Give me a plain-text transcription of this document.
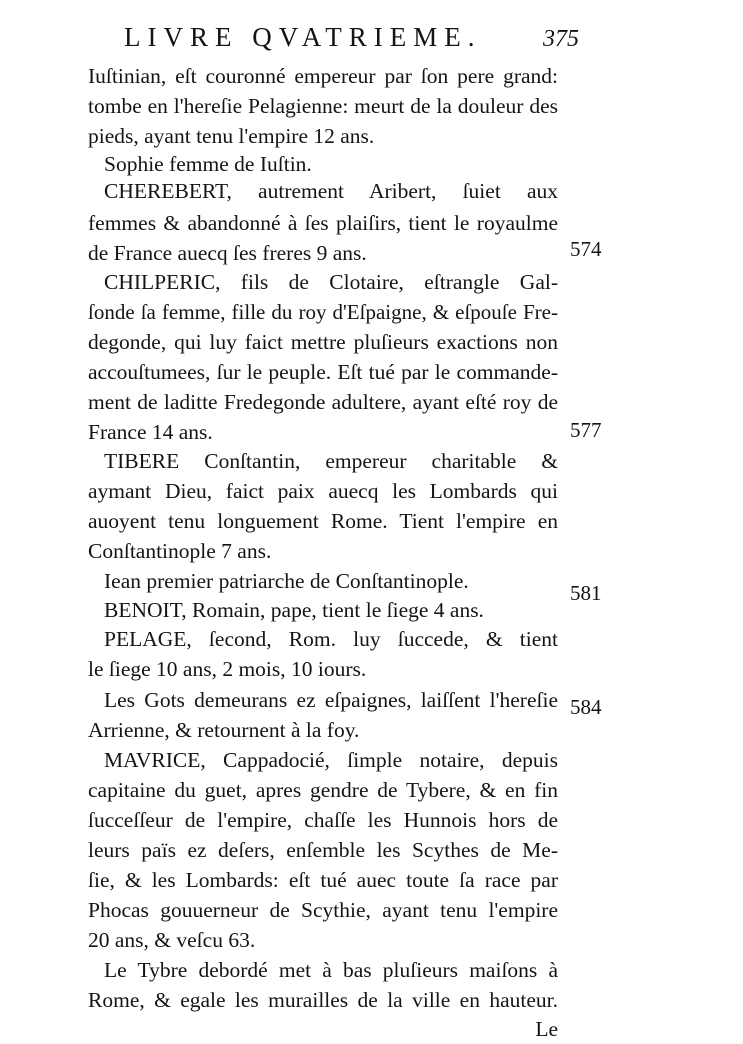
LIVRE QVATRIEME.	375
Iuſtinian, eſt couronné empereur par ſon pere grand:
tombe en l'hereſie Pelagienne: meurt de la douleur des
pieds, ayant tenu l'empire 12 ans.
Sophie femme de Iuſtin.
CHEREBERT, autrement Aribert, ſuiet aux
femmes & abandonné à ſes plaiſirs, tient le royaulme
de France auecq ſes freres 9 ans.
CHILPERIC, fils de Clotaire, eſtrangle Gal-
ſonde ſa femme, fille du roy d'Eſpaigne, & eſpouſe Fre-
degonde, qui luy faict mettre pluſieurs exactions non
accouſtumees, ſur le peuple. Eſt tué par le commande-
ment de laditte Fredegonde adultere, ayant eſté roy de
France 14 ans.
TIBERE Conſtantin, empereur charitable &
aymant Dieu, faict paix auecq les Lombards qui
auoyent tenu longuement Rome. Tient l'empire en
Conſtantinople 7 ans.
Iean premier patriarche de Conſtantinople.
BENOIT, Romain, pape, tient le ſiege 4 ans.
PELAGE, ſecond, Rom. luy ſuccede, & tient
le ſiege 10 ans, 2 mois, 10 iours.
Les Gots demeurans ez eſpaignes, laiſſent l'hereſie
Arrienne, & retournent à la foy.
MAVRICE, Cappadocié, ſimple notaire, depuis
capitaine du guet, apres gendre de Tybere, & en fin
ſucceſſeur de l'empire, chaſſe les Hunnois hors de
leurs païs ez deſers, enſemble les Scythes de Me-
ſie, & les Lombards: eſt tué auec toute ſa race par
Phocas gouuerneur de Scythie, ayant tenu l'empire
20 ans, & veſcu 63.
Le Tybre debordé met à bas pluſieurs maiſons à
Rome, & egale les murailles de la ville en hauteur.
Le
574
577
581
584
